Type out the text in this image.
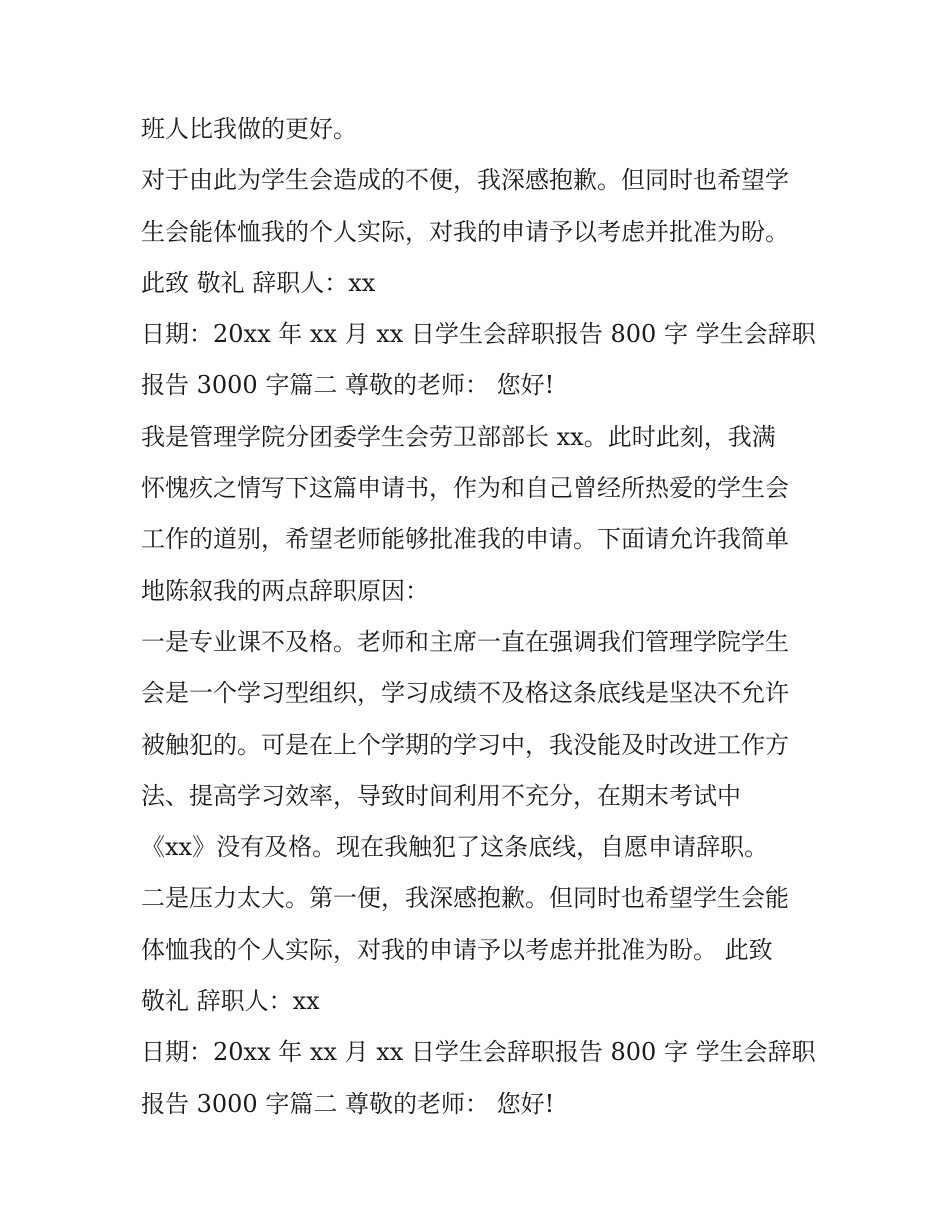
班人比我做的更好。
对于由此为学生会造成的不便，我深感抱歉。但同时也希望学
生会能体恤我的个人实际，对我的申请予以考虑并批准为盼。
此致 敬礼 辞职人：xx
日期：20xx 年 xx 月 xx 日学生会辞职报告 800 字 学生会辞职
报告 3000 字篇二 尊敬的老师： 您好!
我是管理学院分团委学生会劳卫部部长 xx。此时此刻，我满
怀愧疚之情写下这篇申请书，作为和自己曾经所热爱的学生会
工作的道别，希望老师能够批准我的申请。下面请允许我简单
地陈叙我的两点辞职原因：
一是专业课不及格。老师和主席一直在强调我们管理学院学生
会是一个学习型组织，学习成绩不及格这条底线是坚决不允许
被触犯的。可是在上个学期的学习中，我没能及时改进工作方
法、提高学习效率，导致时间利用不充分，在期末考试中
《xx》没有及格。现在我触犯了这条底线，自愿申请辞职。
二是压力太大。第一便，我深感抱歉。但同时也希望学生会能
体恤我的个人实际，对我的申请予以考虑并批准为盼。 此致
敬礼 辞职人：xx
日期：20xx 年 xx 月 xx 日学生会辞职报告 800 字 学生会辞职
报告 3000 字篇二 尊敬的老师： 您好!
